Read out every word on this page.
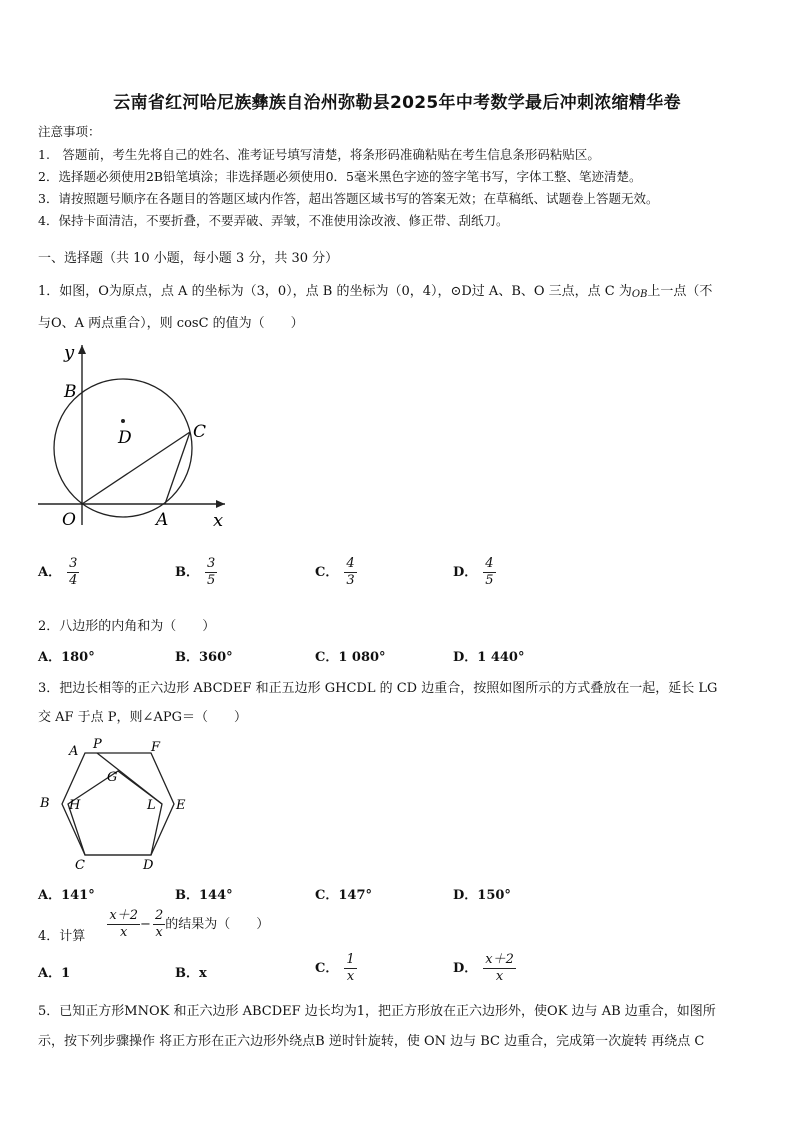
云南省红河哈尼族彝族自治州弥勒县2025年中考数学最后冲刺浓缩精华卷
注意事项：
1.　答题前，考生先将自己的姓名、准考证号填写清楚，将条形码准确粘贴在考生信息条形码粘贴区。
2．选择题必须使用2B铅笔填涂；非选择题必须使用0．5毫米黑色字迹的签字笔书写，字体工整、笔迹清楚。
3．请按照题号顺序在各题目的答题区域内作答，超出答题区域书写的答案无效；在草稿纸、试题卷上答题无效。
4．保持卡面清洁，不要折叠，不要弄破、弄皱，不准使用涂改液、修正带、刮纸刀。
一、选择题（共 10 小题，每小题 3 分，共 30 分）
1．如图，O为原点，点 A 的坐标为（3，0），点 B 的坐标为（0，4），⊙D过 A、B、O 三点，点 C 为OB上一点（不
与O、A 两点重合），则 cosC 的值为（　　）
y
x
B
D	C
O	A
A． $\frac{3}{4}$	B． $\frac{3}{5}$	C． $\frac{4}{3}$	D． $\frac{4}{5}$
2．八边形的内角和为（　　）
A．180°	B．360°	C．1 080°	D．1 440°
3．把边长相等的正六边形 ABCDEF 和正五边形 GHCDL 的 CD 边重合，按照如图所示的方式叠放在一起，延长 LG
交 AF 于点 P，则∠APG＝（　　）
A P	F
G
B H	L E
C	D
A．141°	B．144°	C．147°	D．150°
4．计算 $\frac{x+2}{x} - \frac{2}{x}$ 的结果为（　　）
A．1	B．x	C． $\frac{1}{x}$	D． $\frac{x+2}{x}$
5．已知正方形MNOK 和正六边形 ABCDEF 边长均为1，把正方形放在正六边形外，使OK 边与 AB 边重合，如图所
示，按下列步骤操作 将正方形在正六边形外绕点B 逆时针旋转，使 ON 边与 BC 边重合，完成第一次旋转 再绕点 C
